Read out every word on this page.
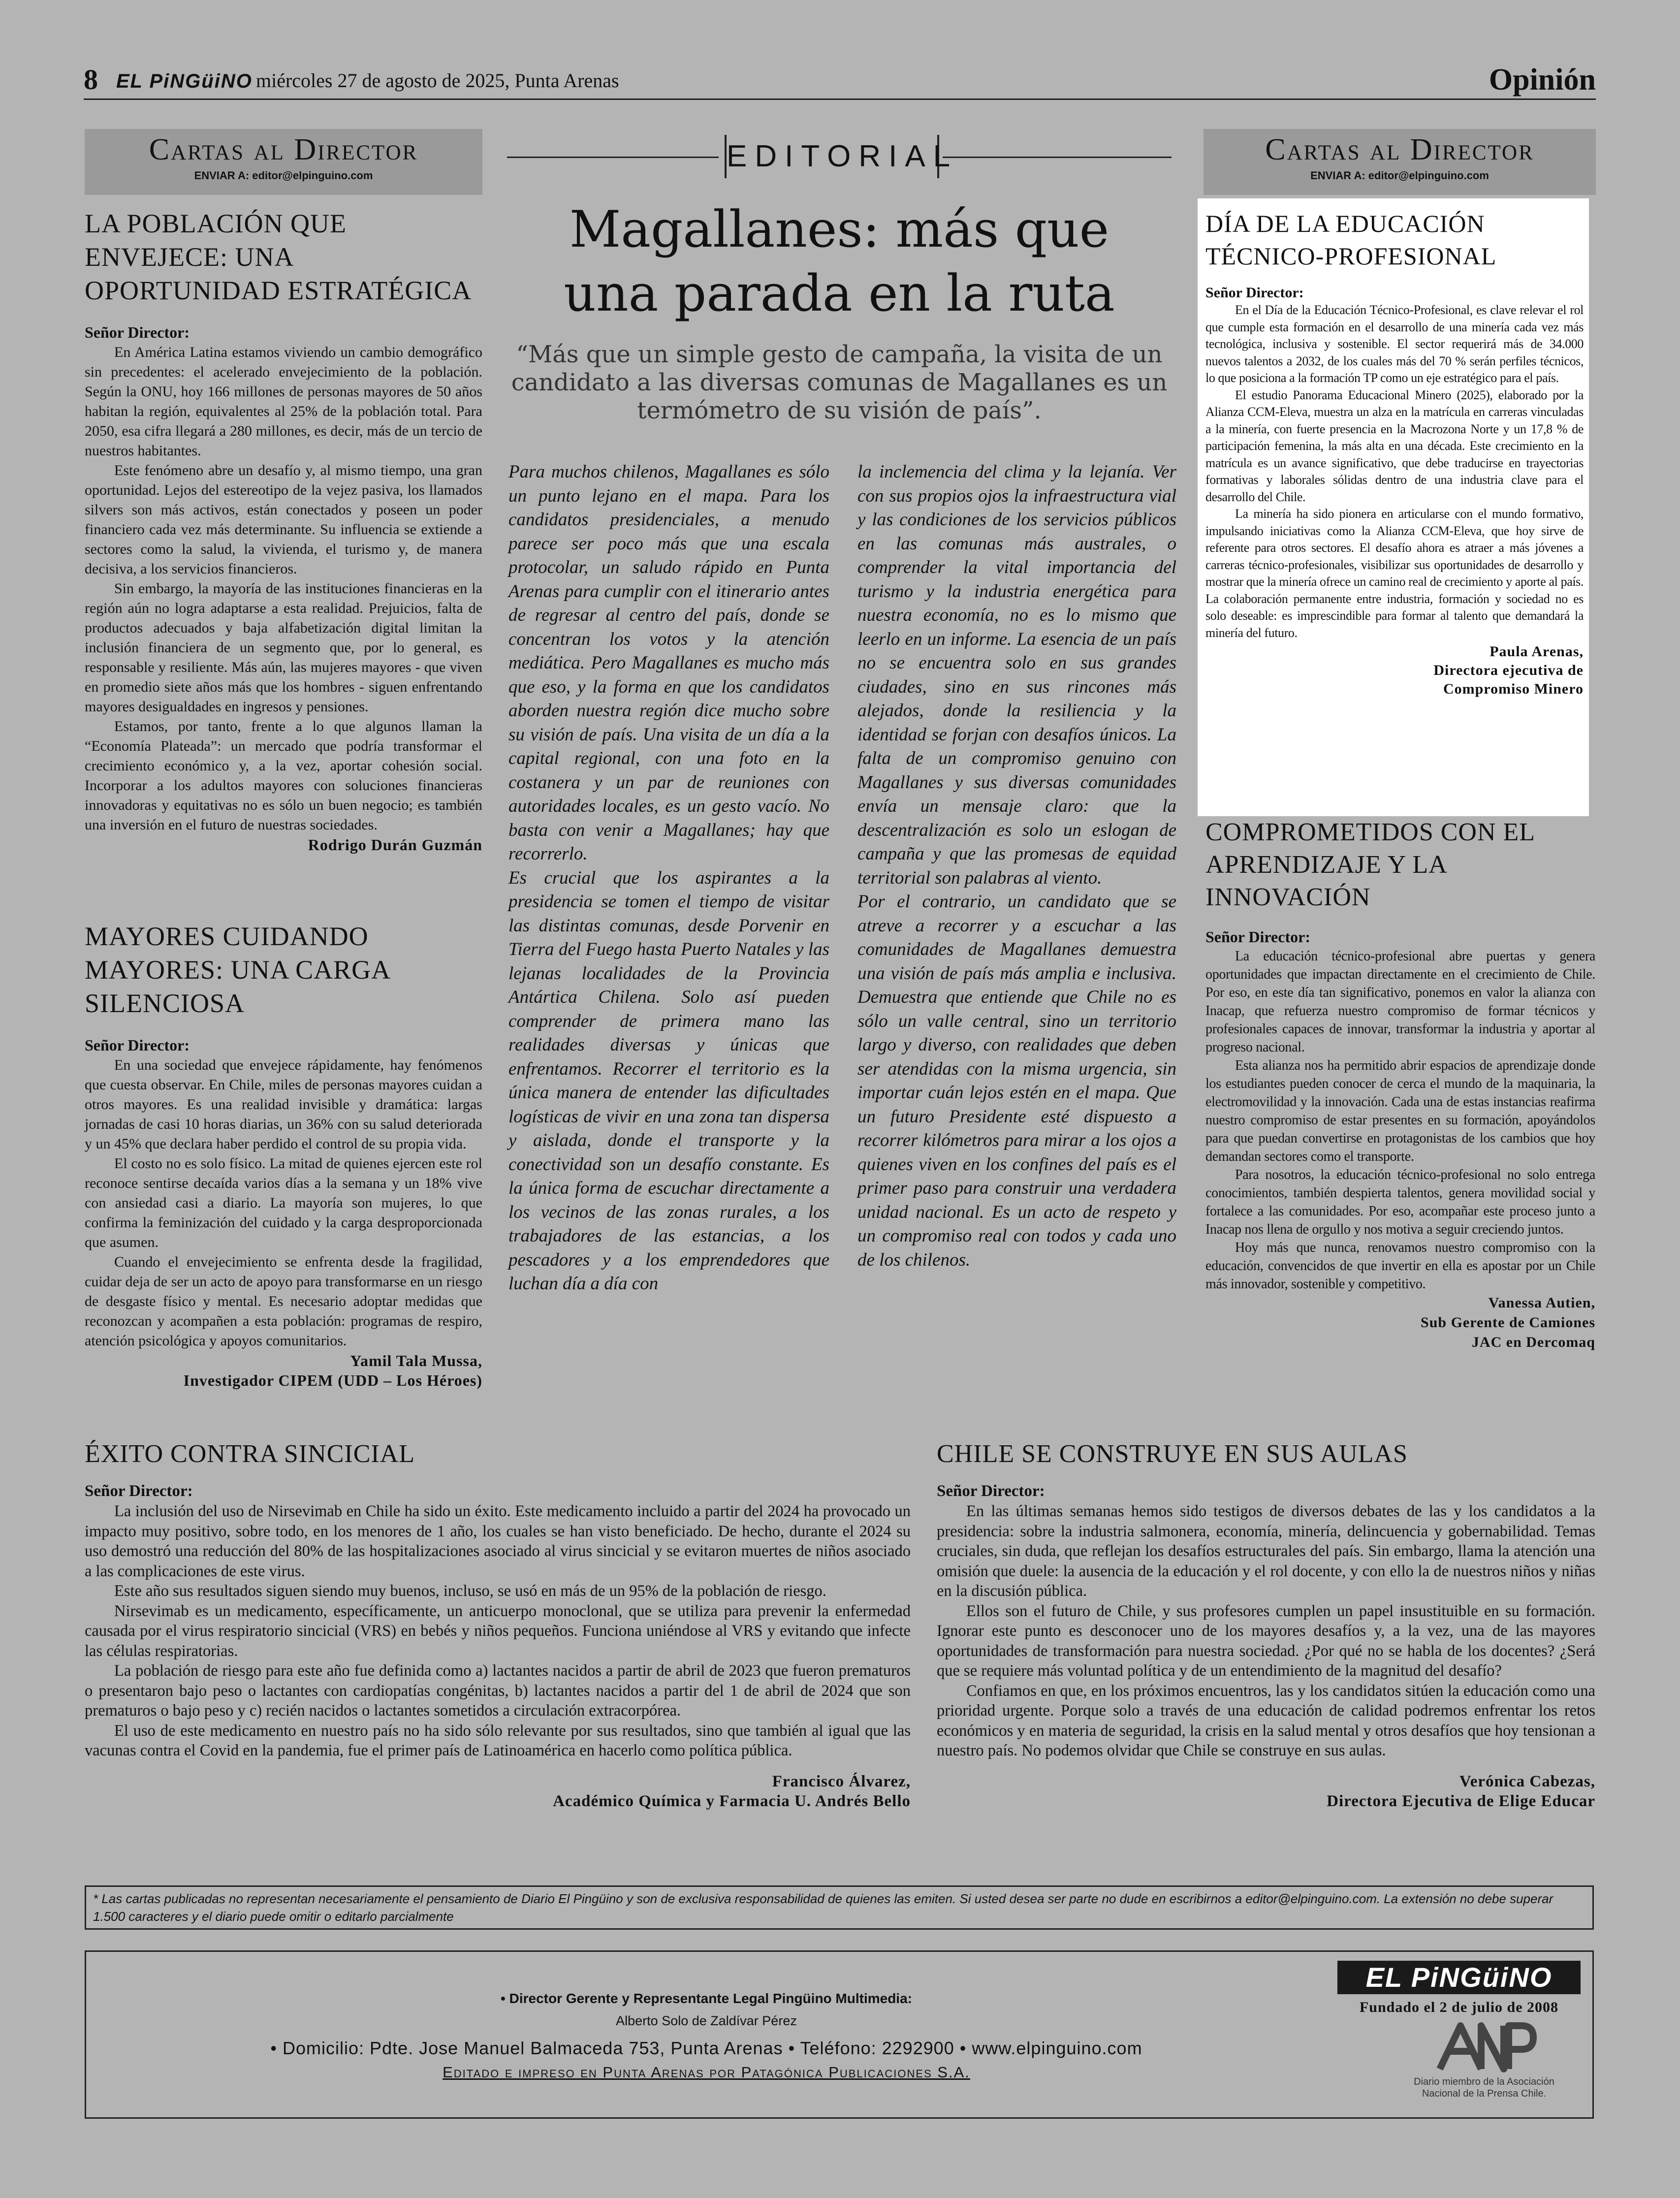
8 EL PiNGüiNO miércoles 27 de agosto de 2025, Punta Arenas	Opinión
Cartas al Director
ENVIAR A: editor@elpinguino.com
LA POBLACIÓN QUE ENVEJECE: UNA OPORTUNIDAD ESTRATÉGICA
Señor Director:

En América Latina estamos viviendo un cambio demográfico sin precedentes: el acelerado envejecimiento de la población. Según la ONU, hoy 166 millones de personas mayores de 50 años habitan la región, equivalentes al 25% de la población total. Para 2050, esa cifra llegará a 280 millones, es decir, más de un tercio de nuestros habitantes.

Este fenómeno abre un desafío y, al mismo tiempo, una gran oportunidad. Lejos del estereotipo de la vejez pasiva, los llamados silvers son más activos, están conectados y poseen un poder financiero cada vez más determinante. Su influencia se extiende a sectores como la salud, la vivienda, el turismo y, de manera decisiva, a los servicios financieros.

Sin embargo, la mayoría de las instituciones financieras en la región aún no logra adaptarse a esta realidad. Prejuicios, falta de productos adecuados y baja alfabetización digital limitan la inclusión financiera de un segmento que, por lo general, es responsable y resiliente. Más aún, las mujeres mayores - que viven en promedio siete años más que los hombres - siguen enfrentando mayores desigualdades en ingresos y pensiones.

Estamos, por tanto, frente a lo que algunos llaman la “Economía Plateada”: un mercado que podría transformar el crecimiento económico y, a la vez, aportar cohesión social. Incorporar a los adultos mayores con soluciones financieras innovadoras y equitativas no es sólo un buen negocio; es también una inversión en el futuro de nuestras sociedades.

Rodrigo Durán Guzmán
MAYORES CUIDANDO MAYORES: UNA CARGA SILENCIOSA
Señor Director:

En una sociedad que envejece rápidamente, hay fenómenos que cuesta observar. En Chile, miles de personas mayores cuidan a otros mayores. Es una realidad invisible y dramática: largas jornadas de casi 10 horas diarias, un 36% con su salud deteriorada y un 45% que declara haber perdido el control de su propia vida.

El costo no es solo físico. La mitad de quienes ejercen este rol reconoce sentirse decaída varios días a la semana y un 18% vive con ansiedad casi a diario. La mayoría son mujeres, lo que confirma la feminización del cuidado y la carga desproporcionada que asumen.

Cuando el envejecimiento se enfrenta desde la fragilidad, cuidar deja de ser un acto de apoyo para transformarse en un riesgo de desgaste físico y mental. Es necesario adoptar medidas que reconozcan y acompañen a esta población: programas de respiro, atención psicológica y apoyos comunitarios.

Yamil Tala Mussa,
Investigador CIPEM (UDD – Los Héroes)
EDITORIAL
Magallanes: más que
una parada en la ruta
“Más que un simple gesto de campaña, la visita de un candidato a las diversas comunas de Magallanes es un termómetro de su visión de país”.

Para muchos chilenos, Magallanes es sólo un punto lejano en el mapa. Para los candidatos presidenciales, a menudo parece ser poco más que una escala protocolar, un saludo rápido en Punta Arenas para cumplir con el itinerario antes de regresar al centro del país, donde se concentran los votos y la atención mediática. Pero Magallanes es mucho más que eso, y la forma en que los candidatos aborden nuestra región dice mucho sobre su visión de país. Una visita de un día a la capital regional, con una foto en la costanera y un par de reuniones con autoridades locales, es un gesto vacío. No basta con venir a Magallanes; hay que recorrerlo.

Es crucial que los aspirantes a la presidencia se tomen el tiempo de visitar las distintas comunas, desde Porvenir en Tierra del Fuego hasta Puerto Natales y las lejanas localidades de la Provincia Antártica Chilena. Solo así pueden comprender de primera mano las realidades diversas y únicas que enfrentamos. Recorrer el territorio es la única manera de entender las dificultades logísticas de vivir en una zona tan dispersa y aislada, donde el transporte y la conectividad son un desafío constante. Es la única forma de escuchar directamente a los vecinos de las zonas rurales, a los trabajadores de las estancias, a los pescadores y a los emprendedores que luchan día a día con

la inclemencia del clima y la lejanía. Ver con sus propios ojos la infraestructura vial y las condiciones de los servicios públicos en las comunas más australes, o comprender la vital importancia del turismo y la industria energética para nuestra economía, no es lo mismo que leerlo en un informe. La esencia de un país no se encuentra solo en sus grandes ciudades, sino en sus rincones más alejados, donde la resiliencia y la identidad se forjan con desafíos únicos. La falta de un compromiso genuino con Magallanes y sus diversas comunidades envía un mensaje claro: que la descentralización es solo un eslogan de campaña y que las promesas de equidad territorial son palabras al viento.

Por el contrario, un candidato que se atreve a recorrer y a escuchar a las comunidades de Magallanes demuestra una visión de país más amplia e inclusiva. Demuestra que entiende que Chile no es sólo un valle central, sino un territorio largo y diverso, con realidades que deben ser atendidas con la misma urgencia, sin importar cuán lejos estén en el mapa. Que un futuro Presidente esté dispuesto a recorrer kilómetros para mirar a los ojos a quienes viven en los confines del país es el primer paso para construir una verdadera unidad nacional. Es un acto de respeto y un compromiso real con todos y cada uno de los chilenos.

Cartas al Director
ENVIAR A: editor@elpinguino.com
DÍA DE LA EDUCACIÓN TÉCNICO-PROFESIONAL
Señor Director:

En el Día de la Educación Técnico-Profesional, es clave relevar el rol que cumple esta formación en el desarrollo de una minería cada vez más tecnológica, inclusiva y sostenible. El sector requerirá más de 34.000 nuevos talentos a 2032, de los cuales más del 70 % serán perfiles técnicos, lo que posiciona a la formación TP como un eje estratégico para el país.

El estudio Panorama Educacional Minero (2025), elaborado por la Alianza CCM-Eleva, muestra un alza en la matrícula en carreras vinculadas a la minería, con fuerte presencia en la Macrozona Norte y un 17,8 % de participación femenina, la más alta en una década. Este crecimiento en la matrícula es un avance significativo, que debe traducirse en trayectorias formativas y laborales sólidas dentro de una industria clave para el desarrollo del Chile.

La minería ha sido pionera en articularse con el mundo formativo, impulsando iniciativas como la Alianza CCM-Eleva, que hoy sirve de referente para otros sectores. El desafío ahora es atraer a más jóvenes a carreras técnico-profesionales, visibilizar sus oportunidades de desarrollo y mostrar que la minería ofrece un camino real de crecimiento y aporte al país. La colaboración permanente entre industria, formación y sociedad no es solo deseable: es imprescindible para formar al talento que demandará la minería del futuro.

Paula Arenas,
Directora ejecutiva de
Compromiso Minero
COMPROMETIDOS CON EL APRENDIZAJE Y LA INNOVACIÓN
Señor Director:

La educación técnico-profesional abre puertas y genera oportunidades que impactan directamente en el crecimiento de Chile. Por eso, en este día tan significativo, ponemos en valor la alianza con Inacap, que refuerza nuestro compromiso de formar técnicos y profesionales capaces de innovar, transformar la industria y aportar al progreso nacional.

Esta alianza nos ha permitido abrir espacios de aprendizaje donde los estudiantes pueden conocer de cerca el mundo de la maquinaria, la electromovilidad y la innovación. Cada una de estas instancias reafirma nuestro compromiso de estar presentes en su formación, apoyándolos para que puedan convertirse en protagonistas de los cambios que hoy demandan sectores como el transporte.

Para nosotros, la educación técnico-profesional no solo entrega conocimientos, también despierta talentos, genera movilidad social y fortalece a las comunidades. Por eso, acompañar este proceso junto a Inacap nos llena de orgullo y nos motiva a seguir creciendo juntos.

Hoy más que nunca, renovamos nuestro compromiso con la educación, convencidos de que invertir en ella es apostar por un Chile más innovador, sostenible y competitivo.

Vanessa Autien,
Sub Gerente de Camiones
JAC en Dercomaq
ÉXITO CONTRA SINCICIAL
Señor Director:

La inclusión del uso de Nirsevimab en Chile ha sido un éxito. Este medicamento incluido a partir del 2024 ha provocado un impacto muy positivo, sobre todo, en los menores de 1 año, los cuales se han visto beneficiado. De hecho, durante el 2024 su uso demostró una reducción del 80% de las hospitalizaciones asociado al virus sincicial y se evitaron muertes de niños asociado a las complicaciones de este virus.

Este año sus resultados siguen siendo muy buenos, incluso, se usó en más de un 95% de la población de riesgo.

Nirsevimab es un medicamento, específicamente, un anticuerpo monoclonal, que se utiliza para prevenir la enfermedad causada por el virus respiratorio sincicial (VRS) en bebés y niños pequeños. Funciona uniéndose al VRS y evitando que infecte las células respiratorias.

La población de riesgo para este año fue definida como a) lactantes nacidos a partir de abril de 2023 que fueron prematuros o presentaron bajo peso o lactantes con cardiopatías congénitas, b) lactantes nacidos a partir del 1 de abril de 2024 que son prematuros o bajo peso y c) recién nacidos o lactantes sometidos a circulación extracorpórea.

El uso de este medicamento en nuestro país no ha sido sólo relevante por sus resultados, sino que también al igual que las vacunas contra el Covid en la pandemia, fue el primer país de Latinoamérica en hacerlo como política pública.

Francisco Álvarez,
Académico Química y Farmacia U. Andrés Bello
CHILE SE CONSTRUYE EN SUS AULAS
Señor Director:

En las últimas semanas hemos sido testigos de diversos debates de las y los candidatos a la presidencia: sobre la industria salmonera, economía, minería, delincuencia y gobernabilidad. Temas cruciales, sin duda, que reflejan los desafíos estructurales del país. Sin embargo, llama la atención una omisión que duele: la ausencia de la educación y el rol docente, y con ello la de nuestros niños y niñas en la discusión pública.

Ellos son el futuro de Chile, y sus profesores cumplen un papel insustituible en su formación. Ignorar este punto es desconocer uno de los mayores desafíos y, a la vez, una de las mayores oportunidades de transformación para nuestra sociedad. ¿Por qué no se habla de los docentes? ¿Será que se requiere más voluntad política y de un entendimiento de la magnitud del desafío?

Confiamos en que, en los próximos encuentros, las y los candidatos sitúen la educación como una prioridad urgente. Porque solo a través de una educación de calidad podremos enfrentar los retos económicos y en materia de seguridad, la crisis en la salud mental y otros desafíos que hoy tensionan a nuestro país. No podemos olvidar que Chile se construye en sus aulas.

Verónica Cabezas,
Directora Ejecutiva de Elige Educar
* Las cartas publicadas no representan necesariamente el pensamiento de Diario El Pingüino y son de exclusiva responsabilidad de quienes las emiten. Si usted desea ser parte no dude en escribirnos a editor@elpinguino.com. La extensión no debe superar 1.500 caracteres y el diario puede omitir o editarlo parcialmente
• Director Gerente y Representante Legal Pingüino Multimedia:
Alberto Solo de Zaldívar Pérez
• Domicilio: Pdte. Jose Manuel Balmaceda 753, Punta Arenas • Teléfono: 2292900 • www.elpinguino.com
Editado e impreso en Punta Arenas por Patagónica Publicaciones S.A.
EL PiNGüiNO
Fundado el 2 de julio de 2008
Diario miembro de la Asociación
Nacional de la Prensa Chile.
